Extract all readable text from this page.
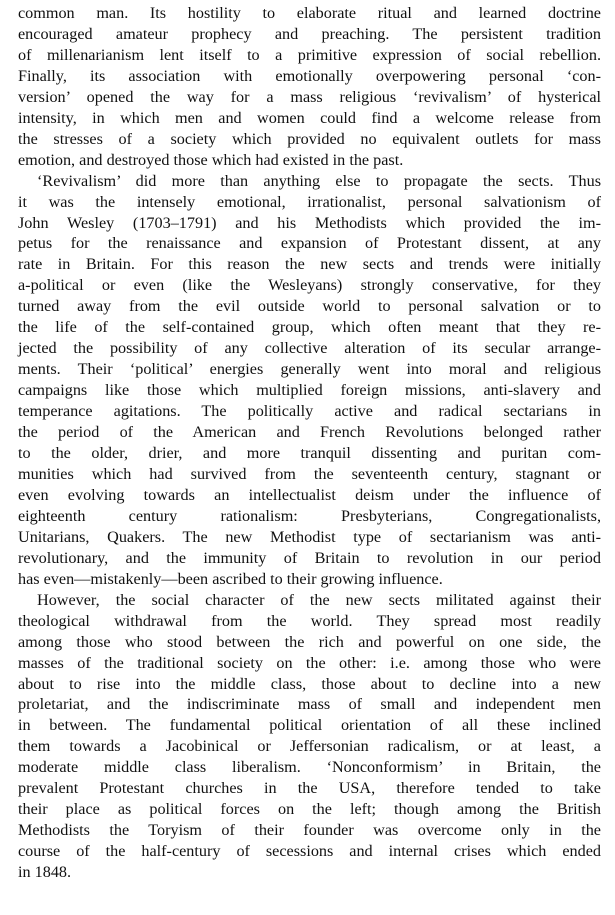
common man. Its hostility to elaborate ritual and learned doctrine
encouraged amateur prophecy and preaching. The persistent tradition
of millenarianism lent itself to a primitive expression of social rebellion.
Finally, its association with emotionally overpowering personal ‘con-
version’ opened the way for a mass religious ‘revivalism’ of hysterical
intensity, in which men and women could find a welcome release from
the stresses of a society which provided no equivalent outlets for mass
emotion, and destroyed those which had existed in the past.
‘Revivalism’ did more than anything else to propagate the sects. Thus
it was the intensely emotional, irrationalist, personal salvationism of
John Wesley (1703–1791) and his Methodists which provided the im-
petus for the renaissance and expansion of Protestant dissent, at any
rate in Britain. For this reason the new sects and trends were initially
a-political or even (like the Wesleyans) strongly conservative, for they
turned away from the evil outside world to personal salvation or to
the life of the self-contained group, which often meant that they re-
jected the possibility of any collective alteration of its secular arrange-
ments. Their ‘political’ energies generally went into moral and religious
campaigns like those which multiplied foreign missions, anti-slavery and
temperance agitations. The politically active and radical sectarians in
the period of the American and French Revolutions belonged rather
to the older, drier, and more tranquil dissenting and puritan com-
munities which had survived from the seventeenth century, stagnant or
even evolving towards an intellectualist deism under the influence of
eighteenth century rationalism: Presbyterians, Congregationalists,
Unitarians, Quakers. The new Methodist type of sectarianism was anti-
revolutionary, and the immunity of Britain to revolution in our period
has even—mistakenly—been ascribed to their growing influence.
However, the social character of the new sects militated against their
theological withdrawal from the world. They spread most readily
among those who stood between the rich and powerful on one side, the
masses of the traditional society on the other: i.e. among those who were
about to rise into the middle class, those about to decline into a new
proletariat, and the indiscriminate mass of small and independent men
in between. The fundamental political orientation of all these inclined
them towards a Jacobinical or Jeffersonian radicalism, or at least, a
moderate middle class liberalism. ‘Nonconformism’ in Britain, the
prevalent Protestant churches in the USA, therefore tended to take
their place as political forces on the left; though among the British
Methodists the Toryism of their founder was overcome only in the
course of the half-century of secessions and internal crises which ended
in 1848.
